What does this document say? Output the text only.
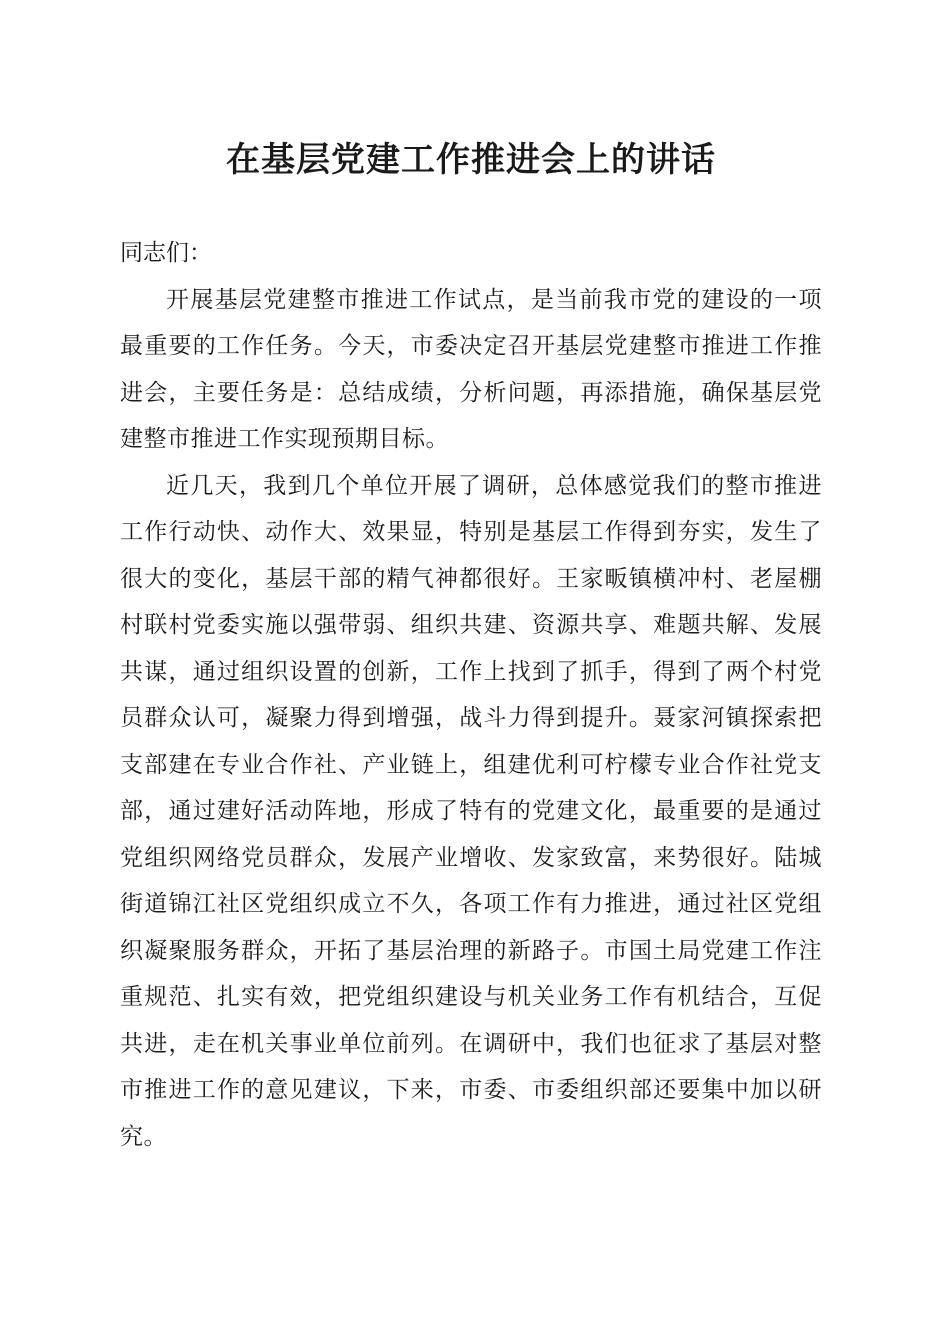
在基层党建工作推进会上的讲话

同志们：

开展基层党建整市推进工作试点，是当前我市党的建设的一项最重要的工作任务。今天，市委决定召开基层党建整市推进工作推进会，主要任务是：总结成绩，分析问题，再添措施，确保基层党建整市推进工作实现预期目标。

近几天，我到几个单位开展了调研，总体感觉我们的整市推进工作行动快、动作大、效果显，特别是基层工作得到夯实，发生了很大的变化，基层干部的精气神都很好。王家畈镇横冲村、老屋棚村联村党委实施以强带弱、组织共建、资源共享、难题共解、发展共谋，通过组织设置的创新，工作上找到了抓手，得到了两个村党员群众认可，凝聚力得到增强，战斗力得到提升。聂家河镇探索把支部建在专业合作社、产业链上，组建优利可柠檬专业合作社党支部，通过建好活动阵地，形成了特有的党建文化，最重要的是通过党组织网络党员群众，发展产业增收、发家致富，来势很好。陆城街道锦江社区党组织成立不久，各项工作有力推进，通过社区党组织凝聚服务群众，开拓了基层治理的新路子。市国土局党建工作注重规范、扎实有效，把党组织建设与机关业务工作有机结合，互促共进，走在机关事业单位前列。在调研中，我们也征求了基层对整市推进工作的意见建议，下来，市委、市委组织部还要集中加以研究。
